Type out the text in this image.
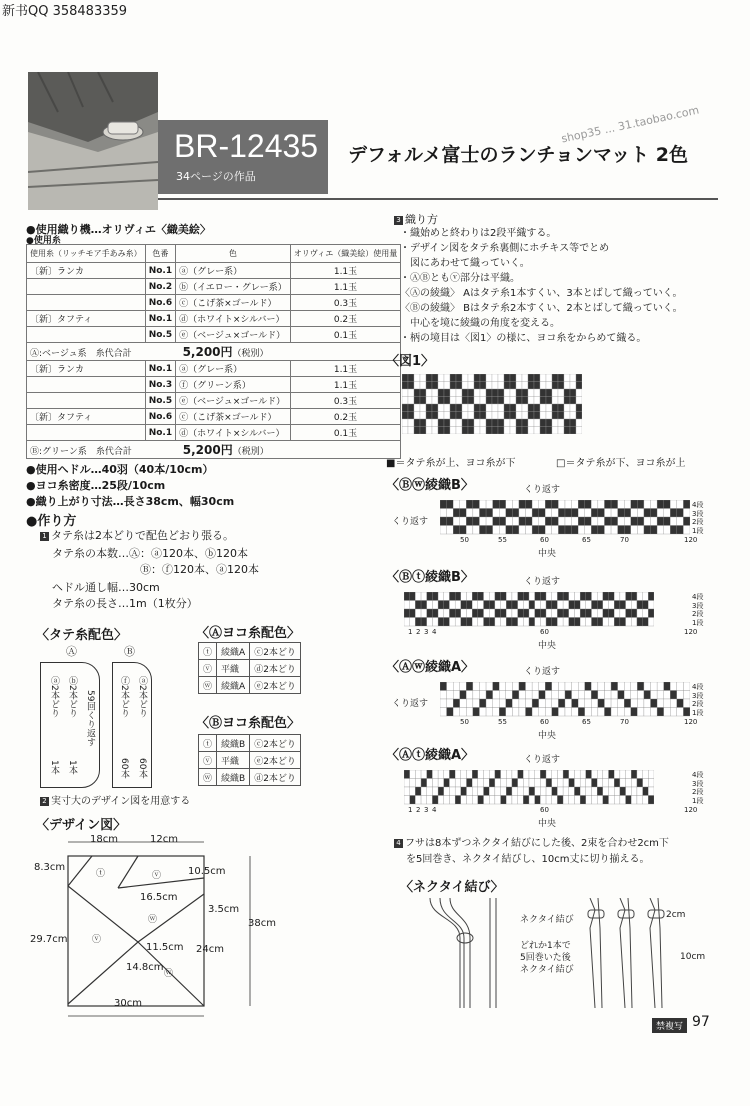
新书QQ 358483359
BR-12435
34ページの作品
デフォルメ富士のランチョンマット 2色
shop35 ... 31.taobao.com
●使用織り機…オリヴィエ〈織美絵〉
●使用糸
使用糸（リッチモア手あみ糸）	色番	色	オリヴィエ（織美絵）使用量
〔新〕ランカ	No.1	ⓐ（グレー系）	1.1玉
	No.2	ⓑ（イエロー・グレー系）	1.1玉
	No.6	ⓒ（こげ茶×ゴールド）	0.3玉
〔新〕タフティ	No.1	ⓓ（ホワイト×シルバー）	0.2玉
	No.5	ⓔ（ベージュ×ゴールド）	0.1玉
Ⓐ:ベージュ系　糸代合計 5,200円（税別）			
〔新〕ランカ	No.1	ⓐ（グレー系）	1.1玉
	No.3	ⓕ（グリーン系）	1.1玉
	No.5	ⓔ（ベージュ×ゴールド）	0.3玉
〔新〕タフティ	No.6	ⓒ（こげ茶×ゴールド）	0.2玉
	No.1	ⓓ（ホワイト×シルバー）	0.1玉
Ⓑ:グリーン系　糸代合計 5,200円（税別）			
●使用ヘドル…40羽（40本/10cm）
●ヨコ糸密度…25段/10cm
●織り上がり寸法…長さ38cm、幅30cm
●作り方
1 タテ糸は2本どりで配色どおり張る。
タテ糸の本数…Ⓐ：ⓐ120本、ⓑ120本
Ⓑ：ⓕ120本、ⓐ120本
ヘドル通し幅…30cm
タテ糸の長さ…1m（1枚分）
〈タテ糸配色〉
Ⓐ	Ⓑ
ⓐ2本どり ⓑ2本どり 59回くり返す
1本 1本
ⓕ2本どり ⓐ2本どり
60本 60本
〈Ⓐヨコ糸配色〉
ⓣ	綾織A	ⓒ2本どり
ⓥ	平織	ⓓ2本どり
ⓦ	綾織A	ⓔ2本どり
〈Ⓑヨコ糸配色〉
ⓣ	綾織B	ⓒ2本どり
ⓥ	平織	ⓔ2本どり
ⓦ	綾織B	ⓓ2本どり
2 実寸大のデザイン図を用意する
〈デザイン図〉
18cm	12cm
8.3cm	10.5cm
16.5cm
3.5cm
38cm
29.7cm
11.5cm 24cm
14.8cm
30cm
ⓣ	ⓥ
ⓦ
ⓥ
ⓦ
3 織り方
・織始めと終わりは2段平織する。
・デザイン図をタテ糸裏側にホチキス等でとめ
　図にあわせて織っていく。
・ⒶⒷともⓥ部分は平織。
〈Ⓐの綾織〉 Aはタテ糸1本すくい、3本とばして織っていく。
〈Ⓑの綾織〉 Bはタテ糸2本すくい、2本とばして織っていく。
　中心を境に綾織の角度を変える。
・柄の境目は〈図1〉の様に、ヨコ糸をからめて織る。
〈図1〉
■＝タテ糸が上、ヨコ糸が下	□＝タテ糸が下、ヨコ糸が上
〈Ⓑⓦ綾織B〉	くり返す
くり返す
4段
3段
2段
1段
50	55	60	65	70	120
中央
〈Ⓑⓣ綾織B〉	くり返す
4段
3段
2段
1段
1 2 3 4	60	120
中央
〈Ⓐⓦ綾織A〉	くり返す
くり返す
4段
3段
2段
1段
50	55	60	65	70	120
中央
〈Ⓐⓣ綾織A〉	くり返す
4段
3段
2段
1段
1 2 3 4	60	120
中央
4 フサは8本ずつネクタイ結びにした後、2束を合わせ2cm下
を5回巻き、ネクタイ結びし、10cm丈に切り揃える。
〈ネクタイ結び〉
ネクタイ結び
どれか1本で
5回巻いた後
ネクタイ結び
2cm
10cm
禁複写 97
